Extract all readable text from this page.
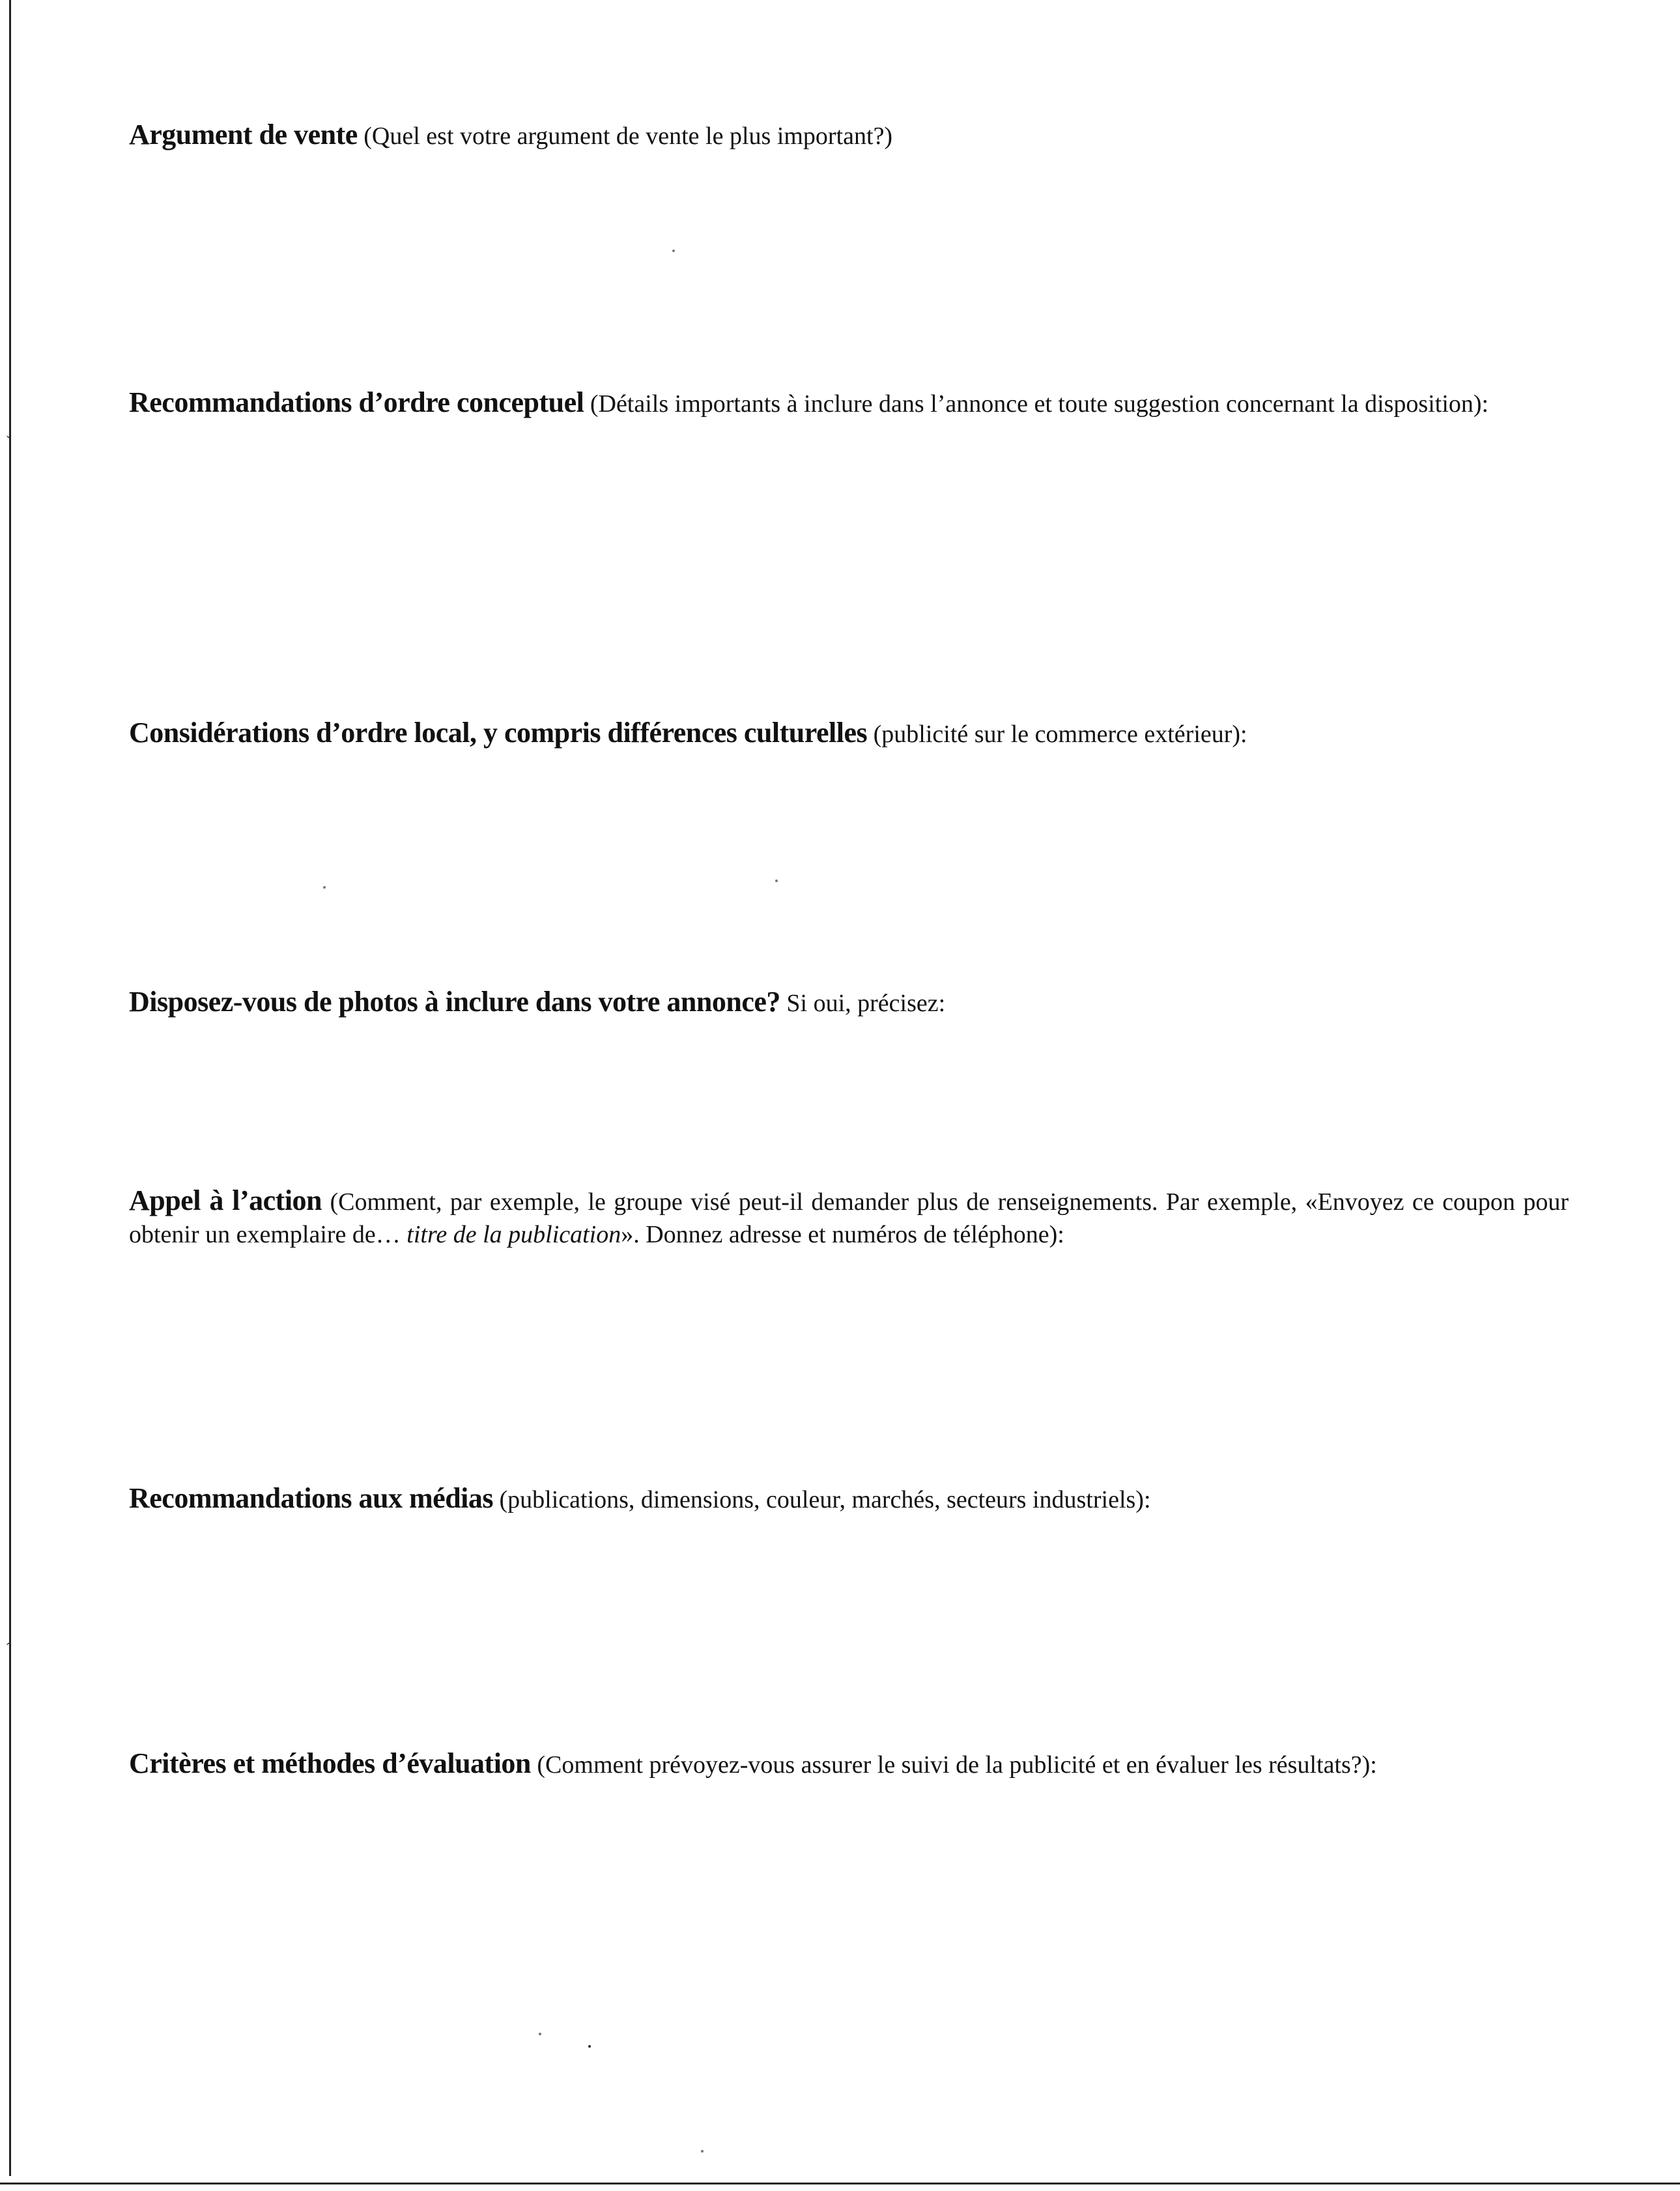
ˇ
ˆ
Argument de vente (Quel est votre argument de vente le plus important?)
Recommandations d’ordre conceptuel (Détails importants à inclure dans l’annonce et toute suggestion concernant la disposition):
Considérations d’ordre local, y compris différences culturelles (publicité sur le commerce extérieur):
Disposez-vous de photos à inclure dans votre annonce? Si oui, précisez:
Appel à l’action (Comment, par exemple, le groupe visé peut-il demander plus de renseignements. Par exemple, «Envoyez ce coupon pour obtenir un exemplaire de… titre de la publication». Donnez adresse et numéros de téléphone):
Recommandations aux médias (publications, dimensions, couleur, marchés, secteurs industriels):
Critères et méthodes d’évaluation (Comment prévoyez-vous assurer le suivi de la publicité et en évaluer les résultats?):
